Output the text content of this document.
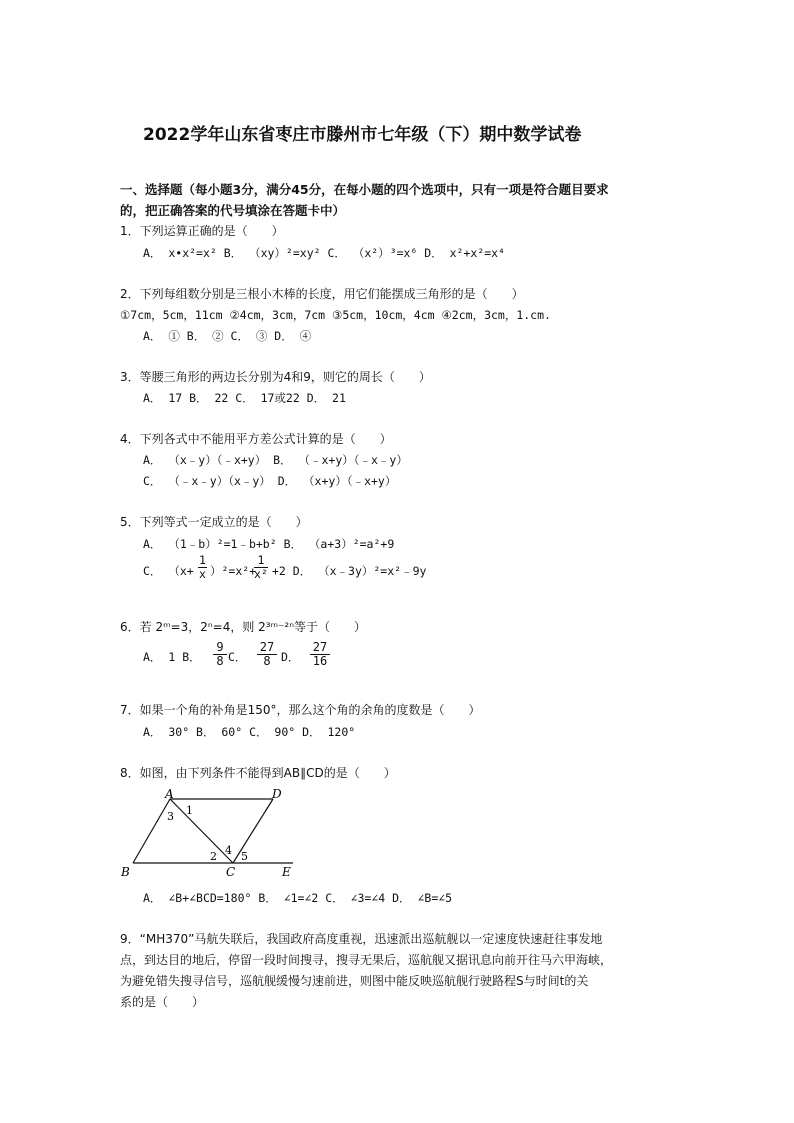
2022学年山东省枣庄市滕州市七年级（下）期中数学试卷
一、选择题（每小题3分，满分45分，在每小题的四个选项中，只有一项是符合题目要求
的，把正确答案的代号填涂在答题卡中）
1．下列运算正确的是（　　）
A． x•x²=x² B． （xy）²=xy² C． （x²）³=x⁶ D． x²+x²=x⁴
2．下列每组数分别是三根小木棒的长度，用它们能摆成三角形的是（　　）
①7cm，5cm，11cm ②4cm，3cm，7cm ③5cm，10cm，4cm ④2cm，3cm，1.cm.
A． ① B． ② C． ③ D． ④
3．等腰三角形的两边长分别为4和9，则它的周长（　　）
A． 17 B． 22 C． 17或22 D． 21
4．下列各式中不能用平方差公式计算的是（　　）
A． （x﹣y）（﹣x+y） B． （﹣x+y）（﹣x﹣y）
C． （﹣x﹣y）（x﹣y） D． （x+y）（﹣x+y）
5．下列等式一定成立的是（　　）
A． （1﹣b）²=1﹣b+b² B． （a+3）²=a²+9
C． $(x+ \frac{1}{x} )^2=x^2+$
$\frac{1}{\text{x²}} +2$ D． （x﹣3y）²=x²﹣9y
6．若 2ᵐ=3，2ⁿ=4，则 2³ᵐ⁻²ⁿ等于（　　）
A． 1 B． $\frac{9}{8}$ C． $\frac{27}{8}$ D． $\frac{27}{16}$
7．如果一个角的补角是150°，那么这个角的余角的度数是（　　）
A． 30° B． 60° C． 90° D． 120°
8．如图，由下列条件不能得到AB∥CD的是（　　）
A	D
B	C	E
1
3
2 4 5
A． ∠B+∠BCD=180° B． ∠1=∠2 C． ∠3=∠4 D． ∠B=∠5
9．“MH370”马航失联后，我国政府高度重视，迅速派出巡航舰以一定速度快速赶往事发地
点，到达目的地后，停留一段时间搜寻，搜寻无果后，巡航舰又据讯息向前开往马六甲海峡，
为避免错失搜寻信号，巡航舰缓慢匀速前进，则图中能反映巡航舰行驶路程S与时间t的关
系的是（　　）
